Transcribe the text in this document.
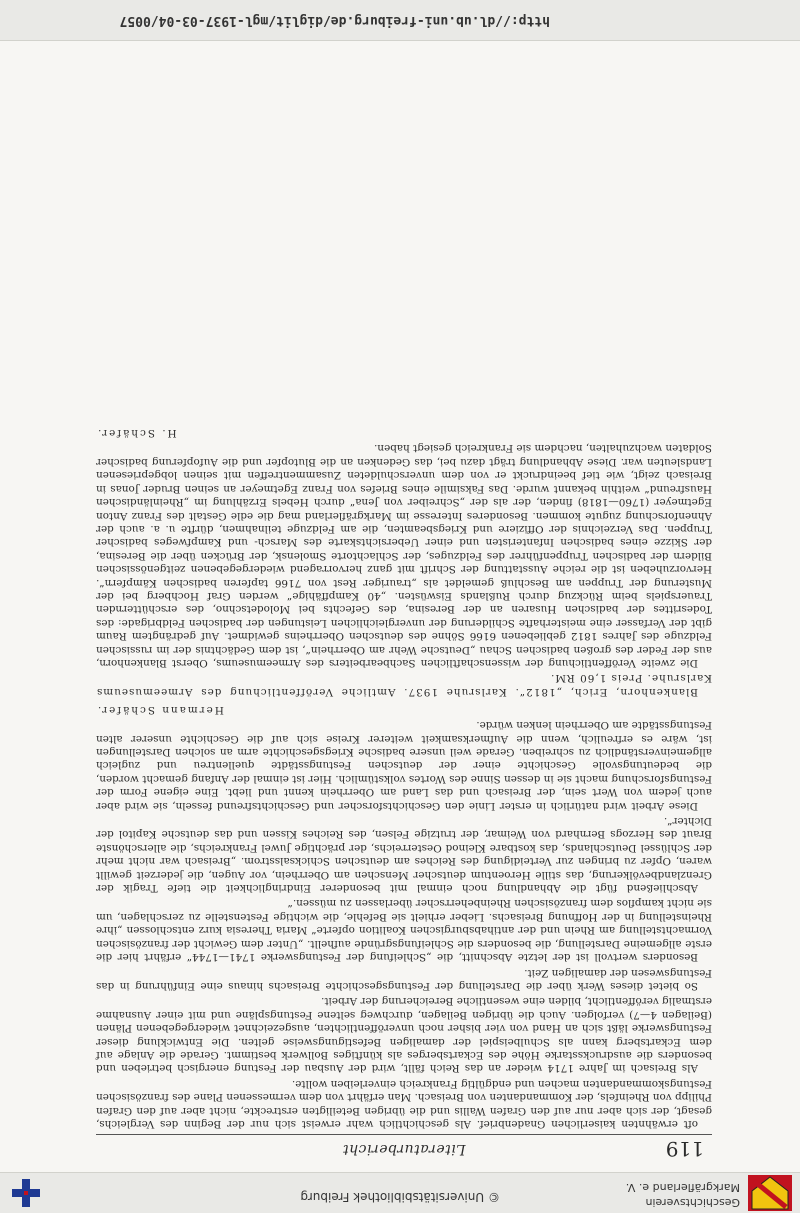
Geschichtsverein
Markgräflerland e. V.
© Universitätsbibliothek Freiburg
119
Literaturbericht

oft erwähnten kaiserlichen Gnadenbrief. Als geschichtlich wahr erweist sich nur der Beginn des Vergleichs, gesagt, der sich aber nur auf den Grafen Wallis und die übrigen Beteiligten erstreckte, nicht aber auf den Grafen Philipp von Rheinfels, der Kommandanten von Breisach. Man erfährt von dem vermessenen Plane des französischen Festungskommandanten machen und endgültig Frankreich einverleiben wollte.

Als Breisach im Jahre 1714 wieder an das Reich fällt, wird der Ausbau der Festung energisch betrieben und besonders die ausdrucksstarke Höhe des Eckartsberges als künftiges Bollwerk bestimmt. Gerade die Anlage auf dem Eckartsberg kann als Schulbeispiel der damaligen Befestigungsweise gelten. Die Entwicklung dieser Festungswerke läßt sich an Hand von vier bisher noch unveröffentlichten, ausgezeichnet wiedergegebenen Plänen (Beilagen 4—7) verfolgen. Auch die übrigen Beilagen, durchweg seltene Festungspläne und mit einer Ausnahme erstmalig veröffentlicht, bilden eine wesentliche Bereicherung der Arbeit.

So bietet dieses Werk über die Darstellung der Festungsgeschichte Breisachs hinaus eine Einführung in das Festungswesen der damaligen Zeit.

Besonders wertvoll ist der letzte Abschnitt, die „Schleifung der Festungswerke 1741—1744“ erfährt hier die erste allgemeine Darstellung, die besonders die Schleifungsgründe aufhellt. „Unter dem Gewicht der französischen Vormachtstellung am Rhein und der antihabsburgischen Koalition opferte“ Maria Theresia kurz entschlossen „ihre Rheinstellung in der Hoffnung Breisachs. Lieber erhielt sie Befehle, die wichtige Festenstelle zu zerschlagen, um sie nicht kampflos dem französischen Rheinbeherrscher überlassen zu müssen.“

Abschließend fügt die Abhandlung noch einmal mit besonderer Eindringlichkeit die tiefe Tragik der Grenzlandbevölkerung, das stille Heroentum deutscher Menschen am Oberrhein, vor Augen, die jederzeit gewillt waren, Opfer zu bringen zur Verteidigung des Reiches am deutschen Schicksalsstrom. „Breisach war nicht mehr der Schlüssel Deutschlands, das kostbare Kleinod Oesterreichs, der prächtige Juwel Frankreichs, die allerschönste Braut des Herzogs Bernhard von Weimar, der trutzige Felsen, des Reiches Kissen und das deutsche Kapitol der Dichter“.

Diese Arbeit wird natürlich in erster Linie den Geschichtsforscher und Geschichtsfreund fesseln, sie wird aber auch jedem von Wert sein, der Breisach und das Land am Oberrhein kennt und liebt. Eine eigene Form der Festungsforschung macht sie in dessen Sinne des Wortes volkstümlich. Hier ist einmal der Anfang gemacht worden, die bedeutungsvolle Geschichte einer der deutschen Festungsstädte quellentreu und zugleich allgemeinverständlich zu schreiben. Gerade weil unsere badische Kriegsgeschichte arm an solchen Darstellungen ist, wäre es erfreulich, wenn die Aufmerksamkeit weiterer Kreise sich auf die Geschichte unserer alten Festungsstädte am Oberrhein lenken würde.

Hermann Schäfer.

Blankenhorn, Erich, „1812“. Karlsruhe 1937. Amtliche Veröffentlichung des Armeemuseums Karlsruhe. Preis 1,60 RM.

Die zweite Veröffentlichung der wissenschaftlichen Sachbearbeiters des Armeemuseums, Oberst Blankenhorn, aus der Feder des großen badischen Schau „Deutsche Wehr am Oberrhein“, ist dem Gedächtnis der im russischen Feldzuge des Jahres 1812 gebliebenen 6166 Söhne des deutschen Oberrheins gewidmet. Auf gedrängtem Raum gibt der Verfasser eine meisterhafte Schilderung der unvergleichlichen Leistungen der badischen Feldbrigade: des Todesrittes der badischen Husaren an der Beresina, des Gefechts bei Molodetschno, des erschütternden Trauerspiels beim Rückzug durch Rußlands Eiswüsten. „40 Kampffähige“ werden Graf Hochberg bei der Musterung der Truppen am Beschluß gemeldet als „trauriger Rest von 7166 tapferen badischen Kämpfern“. Hervorzuheben ist die reiche Ausstattung der Schrift mit ganz hervorragend wiedergegebenen zeitgenössischen Bildern der badischen Truppenführer des Feldzuges, der Schlachtorte Smolensk, der Brücken über die Beresina, der Skizze eines badischen Infanteristen und einer Uebersichtskarte des Marsch- und Kampfweges badischer Truppen. Das Verzeichnis der Offiziere und Kriegsbeamten, die am Feldzuge teilnahmen, dürfte u. a. auch der Ahnenforschung zugute kommen. Besonderes Interesse im Markgräflerland mag die edle Gestalt des Franz Anton Egetmeyer (1760—1818) finden, der als der „Schreiber von Jena“ durch Hebels Erzählung im „Rheinländischen Hausfreund“ weithin bekannt wurde. Das Faksimile eines Briefes von Franz Egetmeyer an seinen Bruder Jonas in Breisach zeigt, wie tief beeindruckt er von dem unverschuldeten Zusammentreffen mit seinen lobgepriesenen Landsleuten war. Diese Abhandlung trägt dazu bei, das Gedenken an die Blutopfer und die Aufopferung badischer Soldaten wachzuhalten, nachdem sie Frankreich gesiegt haben.

H. Schäfer.
http://dl.ub.uni-freiburg.de/diglit/mgl-1937-03-04/0057
